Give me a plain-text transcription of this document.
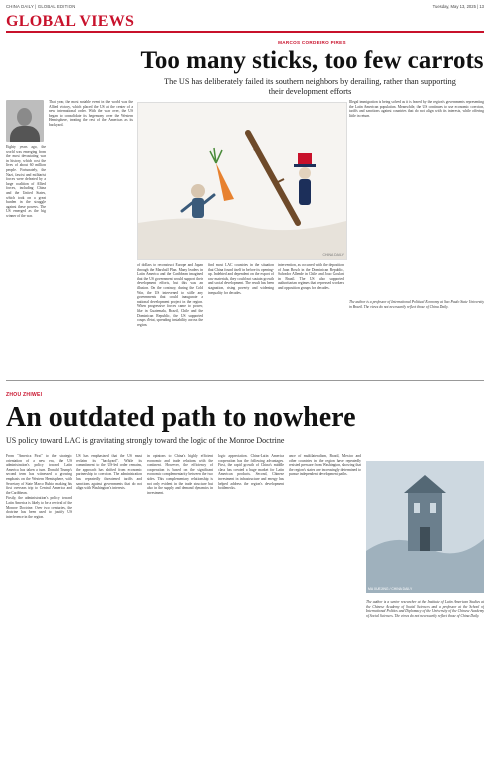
CHINA DAILY | GLOBAL EDITION	Tuesday, May 13, 2025 | 13
GLOBAL VIEWS
MARCOS CORDEIRO PIRES
Too many sticks, too few carrots
The US has deliberately failed its southern neighbors by derailing, rather than supporting their development efforts

Eighty years ago, the world was emerging from the most devastating war in history, which cost the lives of about 60 million people. Fortunately, the Nazi, fascist and militarist forces were defeated by a large coalition of Allied forces, including China and the United States, which took on a great burden in the struggle against these powers. The US emerged as the big winner of the war.

That year, the most notable event in the world was the Allied victory, which placed the US at the center of a new international order. With the war over, the US began to consolidate its hegemony over the Western Hemisphere, treating the rest of the Americas as its backyard.

of dollars to reconstruct Europe and Japan through the Marshall Plan. Many leaders in Latin America and the Caribbean imagined that the US government would support their development efforts, but this was an illusion. On the contrary, during the Cold War, the US intervened to stifle any governments that could inaugurate a national development project in the region. When progressive forces came to power, like in Guatemala, Brazil, Chile and the Dominican Republic, the US supported coups d'etat, spreading instability across the region.

find most LAC countries in the situation that China found itself in before its opening-up. Indebted and dependent on the export of raw materials, they could not sustain growth and social development. The result has been stagnation, rising poverty and widening inequality for decades.

intervention, as occurred with the deposition of Juan Bosch in the Dominican Republic, Salvador Allende in Chile and Joao Goulart in Brazil. The US also supported authoritarian regimes that repressed workers and opposition groups for decades.

Illegal immigration is being solved as it is feared by the region's governments representing the Latin American population. Meanwhile, the US continues to use economic coercion, tariffs and sanctions against countries that do not align with its interests, while offering little in return.

The author is a professor of International Political Economy at Sao Paulo State University in Brazil. The views do not necessarily reflect those of China Daily.

CHINA DAILY
ZHOU ZHIWEI
An outdated path to nowhere
US policy toward LAC is gravitating strongly toward the logic of the Monroe Doctrine

From "America First" to the strategic orientation of a new era, the US administration's policy toward Latin America has taken a turn. Donald Trump's second term has witnessed a growing emphasis on the Western Hemisphere, with Secretary of State Marco Rubio making his first overseas trip to Central America and the Caribbean.

Firstly, the administration's policy toward Latin America is likely to be a revival of the Monroe Doctrine. Over two centuries, the doctrine has been used to justify US interference in the region.

US has emphasized that the US must reclaim its "backyard". While its commitment to the US-led order remains, the approach has shifted from economic partnership to coercion. The administration has repeatedly threatened tariffs and sanctions against governments that do not align with Washington's interests.

in opinions to China's highly efficient economic and trade relations with the continent. However, the efficiency of cooperation is based on the significant economic complementarity between the two sides. This complementary relationship is not only evident in the trade structure but also in the supply and demand dynamics in investment.

logic appreciation. China-Latin America cooperation has the following advantages. First, the rapid growth of China's middle class has created a huge market for Latin American products. Second, Chinese investment in infrastructure and energy has helped address the region's development bottlenecks.

ance of multilateralism, Brazil, Mexico and other countries in the region have repeatedly resisted pressure from Washington, showing that the region's states are increasingly determined to pursue independent development paths.

MA XUEJING / CHINA DAILY

The author is a senior researcher at the Institute of Latin American Studies at the Chinese Academy of Social Sciences and a professor at the School of International Politics and Diplomacy of the University of the Chinese Academy of Social Sciences. The views do not necessarily reflect those of China Daily.
